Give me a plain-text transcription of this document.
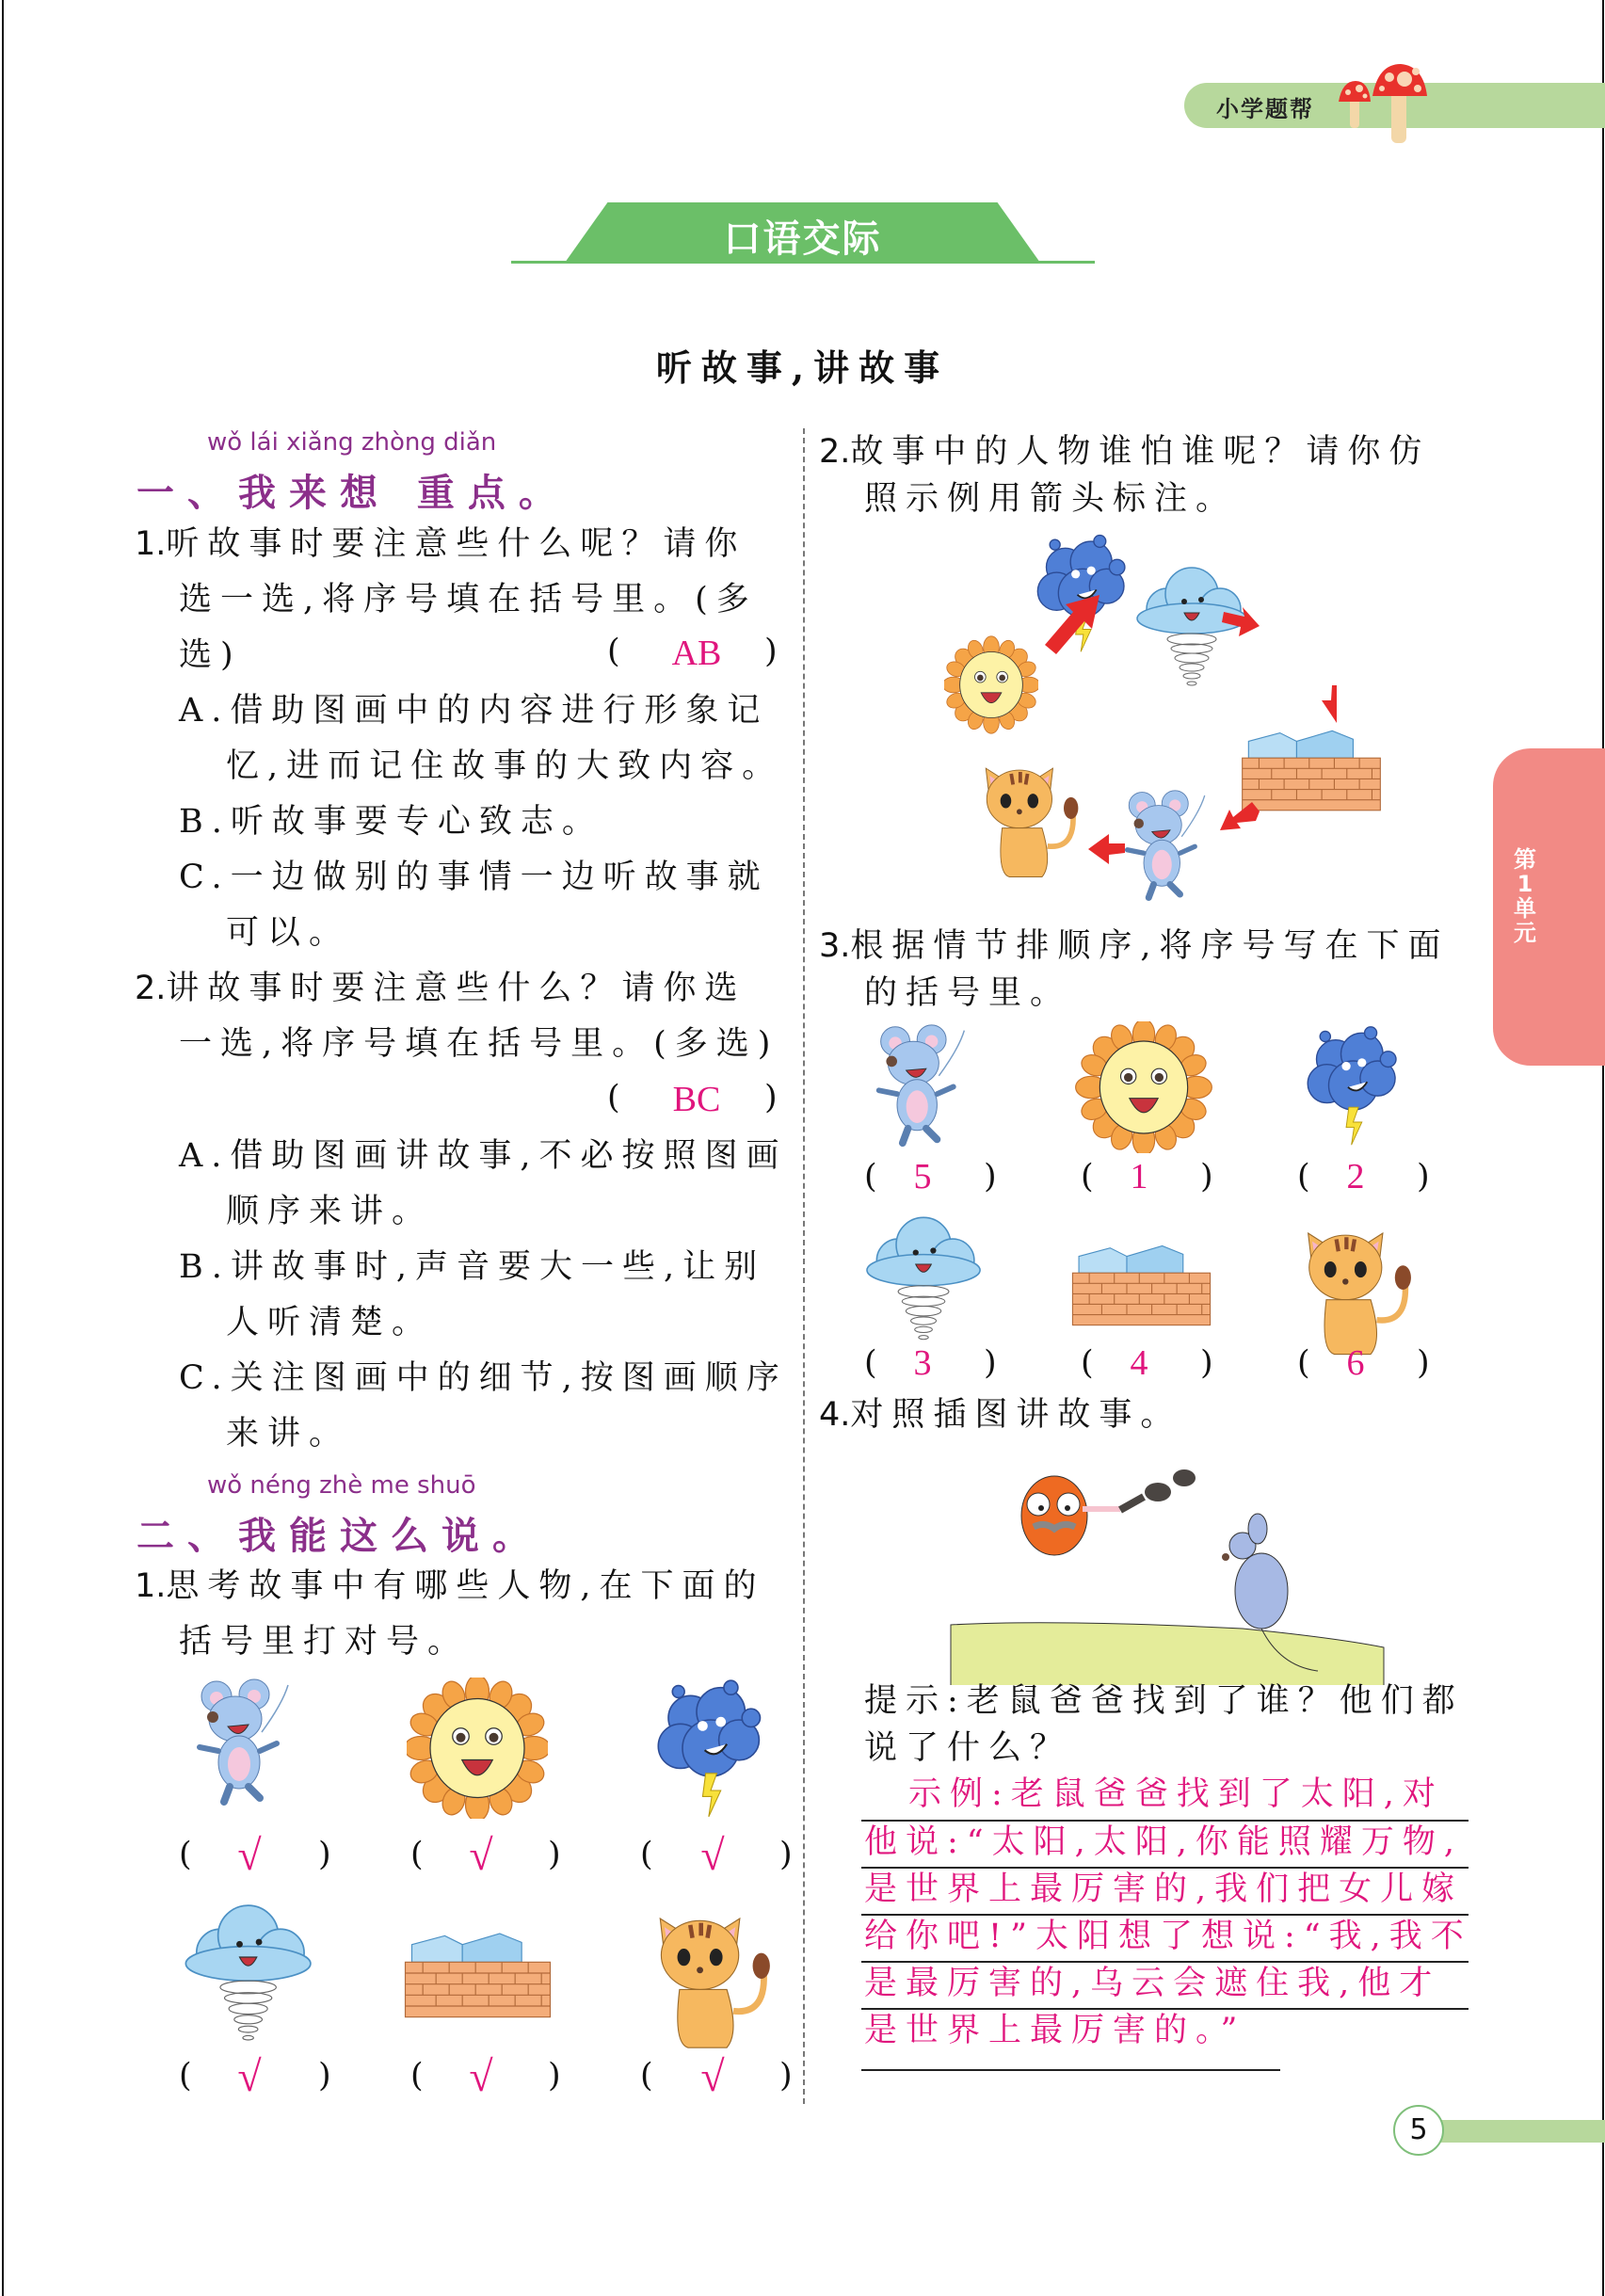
小学题帮
口语交际
听故事,讲故事
wǒ lái xiǎng zhòng diǎn
一、我来想 重点。
1.听故事时要注意些什么呢？请你
选一选,将序号填在括号里。(多
选)	(	AB	)
A.借助图画中的内容进行形象记
忆,进而记住故事的大致内容。
B.听故事要专心致志。
C.一边做别的事情一边听故事就
可以。
2.讲故事时要注意些什么？请你选
一选,将序号填在括号里。(多选)
(	BC	)
A.借助图画讲故事,不必按照图画
顺序来讲。
B.讲故事时,声音要大一些,让别
人听清楚。
C.关注图画中的细节,按图画顺序
来讲。
wǒ néng zhè me shuō
二、我能这么说。
1.思考故事中有哪些人物,在下面的
括号里打对号。
(	√	) (	√	) (	√	)
(	√	) (	√	) (	√	)
2.故事中的人物谁怕谁呢？请你仿
照示例用箭头标注。
3.根据情节排顺序,将序号写在下面
的括号里。
(	5	)	(	1	)	(	2	)
(	3	)	(	4	)	(	6	)
4.对照插图讲故事。
提示:老鼠爸爸找到了谁？他们都
说了什么？
示例:老鼠爸爸找到了太阳,对
他说:“太阳,太阳,你能照耀万物,
是世界上最厉害的,我们把女儿嫁
给你吧!”太阳想了想说:“我,我不
是最厉害的,乌云会遮住我,他才
是世界上最厉害的。”
第
1
单
元
5
